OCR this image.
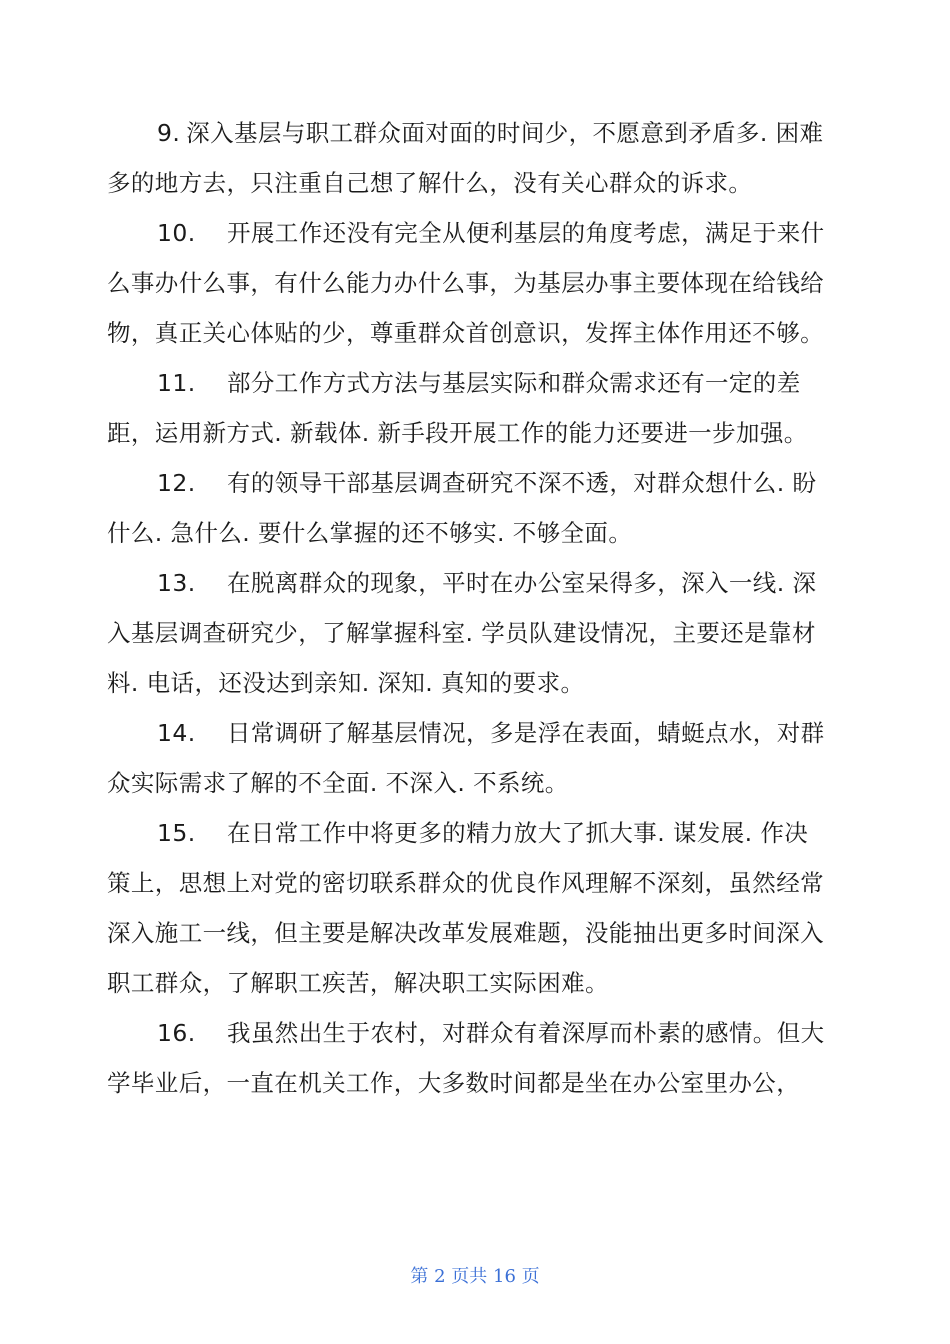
9. 深入基层与职工群众面对面的时间少，不愿意到矛盾多. 困难多的地方去，只注重自己想了解什么，没有关心群众的诉求。

10. 开展工作还没有完全从便利基层的角度考虑，满足于来什么事办什么事，有什么能力办什么事，为基层办事主要体现在给钱给物，真正关心体贴的少，尊重群众首创意识，发挥主体作用还不够。

11. 部分工作方式方法与基层实际和群众需求还有一定的差距，运用新方式. 新载体. 新手段开展工作的能力还要进一步加强。

12. 有的领导干部基层调查研究不深不透，对群众想什么. 盼什么. 急什么. 要什么掌握的还不够实. 不够全面。

13. 在脱离群众的现象，平时在办公室呆得多，深入一线. 深入基层调查研究少，了解掌握科室. 学员队建设情况，主要还是靠材料. 电话，还没达到亲知. 深知. 真知的要求。

14. 日常调研了解基层情况，多是浮在表面，蜻蜓点水，对群众实际需求了解的不全面. 不深入. 不系统。

15. 在日常工作中将更多的精力放大了抓大事. 谋发展. 作决策上，思想上对党的密切联系群众的优良作风理解不深刻，虽然经常深入施工一线，但主要是解决改革发展难题，没能抽出更多时间深入职工群众，了解职工疾苦，解决职工实际困难。

16. 我虽然出生于农村，对群众有着深厚而朴素的感情。但大学毕业后，一直在机关工作，大多数时间都是坐在办公室里办公，

第 2 页共 16 页
